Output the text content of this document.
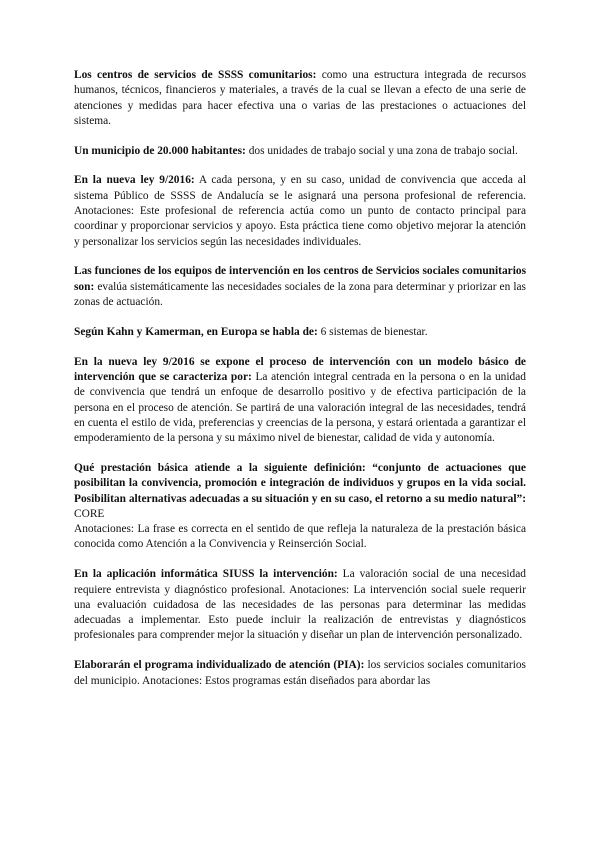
Los centros de servicios de SSSS comunitarios: como una estructura integrada de recursos humanos, técnicos, financieros y materiales, a través de la cual se llevan a efecto de una serie de atenciones y medidas para hacer efectiva una o varias de las prestaciones o actuaciones del sistema.

Un municipio de 20.000 habitantes: dos unidades de trabajo social y una zona de trabajo social.

En la nueva ley 9/2016: A cada persona, y en su caso, unidad de convivencia que acceda al sistema Público de SSSS de Andalucía se le asignará una persona profesional de referencia. Anotaciones: Este profesional de referencia actúa como un punto de contacto principal para coordinar y proporcionar servicios y apoyo. Esta práctica tiene como objetivo mejorar la atención y personalizar los servicios según las necesidades individuales.

Las funciones de los equipos de intervención en los centros de Servicios sociales comunitarios son: evalúa sistemáticamente las necesidades sociales de la zona para determinar y priorizar en las zonas de actuación.

Según Kahn y Kamerman, en Europa se habla de: 6 sistemas de bienestar.

En la nueva ley 9/2016 se expone el proceso de intervención con un modelo básico de intervención que se caracteriza por: La atención integral centrada en la persona o en la unidad de convivencia que tendrá un enfoque de desarrollo positivo y de efectiva participación de la persona en el proceso de atención. Se partirá de una valoración integral de las necesidades, tendrá en cuenta el estilo de vida, preferencias y creencias de la persona, y estará orientada a garantizar el empoderamiento de la persona y su máximo nivel de bienestar, calidad de vida y autonomía.

Qué prestación básica atiende a la siguiente definición: “conjunto de actuaciones que posibilitan la convivencia, promoción e integración de individuos y grupos en la vida social. Posibilitan alternativas adecuadas a su situación y en su caso, el retorno a su medio natural”: CORE
Anotaciones: La frase es correcta en el sentido de que refleja la naturaleza de la prestación básica conocida como Atención a la Convivencia y Reinserción Social.

En la aplicación informática SIUSS la intervención: La valoración social de una necesidad requiere entrevista y diagnóstico profesional. Anotaciones: La intervención social suele requerir una evaluación cuidadosa de las necesidades de las personas para determinar las medidas adecuadas a implementar. Esto puede incluir la realización de entrevistas y diagnósticos profesionales para comprender mejor la situación y diseñar un plan de intervención personalizado.

Elaborarán el programa individualizado de atención (PIA): los servicios sociales comunitarios del municipio. Anotaciones: Estos programas están diseñados para abordar las
